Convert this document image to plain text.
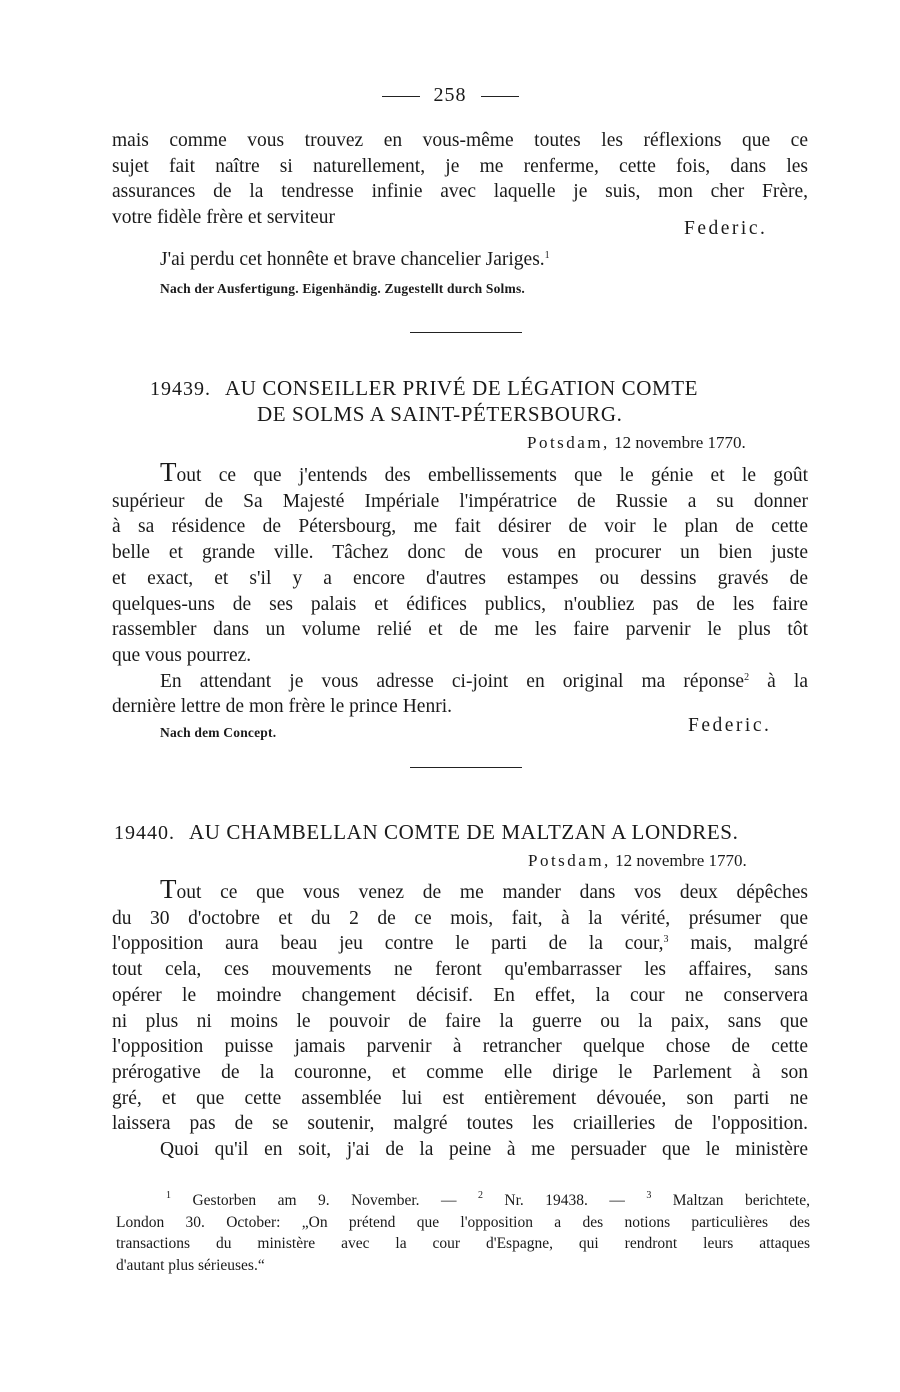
258

mais comme vous trouvez en vous-même toutes les réflexions que ce

sujet fait naître si naturellement, je me renferme, cette fois, dans les

assurances de la tendresse infinie avec laquelle je suis, mon cher Frère,

votre fidèle frère et serviteur

Federic.

J'ai perdu cet honnête et brave chancelier Jariges.$^1$

Nach der Ausfertigung. Eigenhändig. Zugestellt durch Solms.
19439. AU CONSEILLER PRIVÉ DE LÉGATION COMTE
DE SOLMS A SAINT-PÉTERSBOURG.
Potsdam, 12 novembre 1770.

Tout ce que j'entends des embellissements que le génie et le goût

supérieur de Sa Majesté Impériale l'impératrice de Russie a su donner

à sa résidence de Pétersbourg, me fait désirer de voir le plan de cette

belle et grande ville. Tâchez donc de vous en procurer un bien juste

et exact, et s'il y a encore d'autres estampes ou dessins gravés de

quelques-uns de ses palais et édifices publics, n'oubliez pas de les faire

rassembler dans un volume relié et de me les faire parvenir le plus tôt

que vous pourrez.

En attendant je vous adresse ci-joint en original ma réponse$^2$ à la

dernière lettre de mon frère le prince Henri.

Nach dem Concept.	Federic.
19440. AU CHAMBELLAN COMTE DE MALTZAN A LONDRES.
Potsdam, 12 novembre 1770.

Tout ce que vous venez de me mander dans vos deux dépêches

du 30 d'octobre et du 2 de ce mois, fait, à la vérité, présumer que

l'opposition aura beau jeu contre le parti de la cour,$^3$ mais, malgré

tout cela, ces mouvements ne feront qu'embarrasser les affaires, sans

opérer le moindre changement décisif. En effet, la cour ne conservera

ni plus ni moins le pouvoir de faire la guerre ou la paix, sans que

l'opposition puisse jamais parvenir à retrancher quelque chose de cette

prérogative de la couronne, et comme elle dirige le Parlement à son

gré, et que cette assemblée lui est entièrement dévouée, son parti ne

laissera pas de se soutenir, malgré toutes les criailleries de l'opposition.

Quoi qu'il en soit, j'ai de la peine à me persuader que le ministère

$^1$ Gestorben am 9. November. — $^2$ Nr. 19438. — $^3$ Maltzan berichtete,
London 30. October: „On prétend que l'opposition a des notions particulières des
transactions du ministère avec la cour d'Espagne, qui rendront leurs attaques
d'autant plus sérieuses.“
